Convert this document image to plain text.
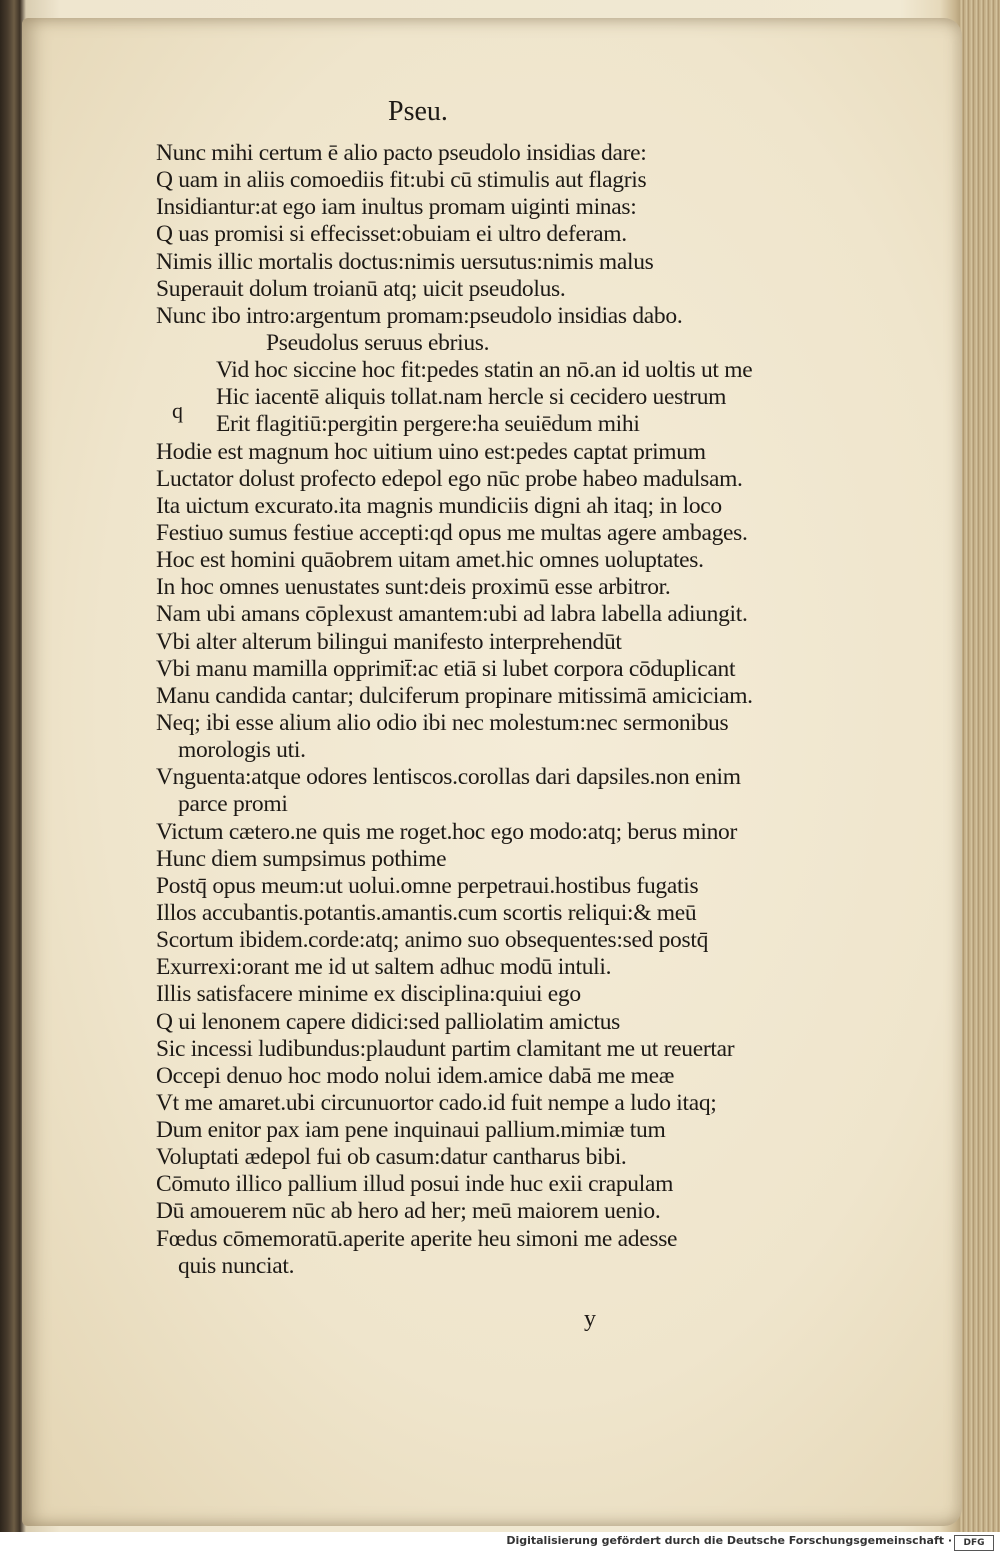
Pseu.
q
Nunc mihi certum ē alio pacto pseudolo insidias dare:
Q uam in aliis comoediis fit:ubi cū stimulis aut flagris
Insidiantur:at ego iam inultus promam uiginti minas:
Q uas promisi si effecisset:obuiam ei ultro deferam.
Nimis illic mortalis doctus:nimis uersutus:nimis malus
Superauit dolum troianū atq; uicit pseudolus.
Nunc ibo intro:argentum promam:pseudolo insidias dabo.
Pseudolus seruus ebrius.
Vid hoc siccine hoc fit:pedes statin an nō.an id uoltis ut me
Hic iacentē aliquis tollat.nam hercle si cecidero uestrum
Erit flagitiū:pergitin pergere:ha seuiēdum mihi
Hodie est magnum hoc uitium uino est:pedes captat primum
Luctator dolust profecto edepol ego nūc probe habeo madulsam.
Ita uictum excurato.ita magnis mundiciis digni ah itaq; in loco
Festiuo sumus festiue accepti:qd opus me multas agere ambages.
Hoc est homini quāobrem uitam amet.hic omnes uoluptates.
In hoc omnes uenustates sunt:deis proximū esse arbitror.
Nam ubi amans cōplexust amantem:ubi ad labra labella adiungit.
Vbi alter alterum bilingui manifesto interprehendūt
Vbi manu mamilla opprimit̄:ac etiā si lubet corpora cōduplicant
Manu candida cantar; dulciferum propinare mitissimā amiciciam.
Neq; ibi esse alium alio odio ibi nec molestum:nec sermonibus
morologis uti.
Vnguenta:atque odores lentiscos.corollas dari dapsiles.non enim
parce promi
Victum cætero.ne quis me roget.hoc ego modo:atq; berus minor
Hunc diem sumpsimus pothime
Postq̄ opus meum:ut uolui.omne perpetraui.hostibus fugatis
Illos accubantis.potantis.amantis.cum scortis reliqui:& meū
Scortum ibidem.corde:atq; animo suo obsequentes:sed postq̄
Exurrexi:orant me id ut saltem adhuc modū intuli.
Illis satisfacere minime ex disciplina:quiui ego
Q ui lenonem capere didici:sed palliolatim amictus
Sic incessi ludibundus:plaudunt partim clamitant me ut reuertar
Occepi denuo hoc modo nolui idem.amice dabā me meæ
Vt me amaret.ubi circunuortor cado.id fuit nempe a ludo itaq;
Dum enitor pax iam pene inquinaui pallium.mimiæ tum
Voluptati ædepol fui ob casum:datur cantharus bibi.
Cōmuto illico pallium illud posui inde huc exii crapulam
Dū amouerem nūc ab hero ad her; meū maiorem uenio.
Fœdus cōmemoratū.aperite aperite heu simoni me adesse
quis nunciat.
y
Digitalisierung gefördert durch die Deutsche Forschungsgemeinschaft ·	DFG
